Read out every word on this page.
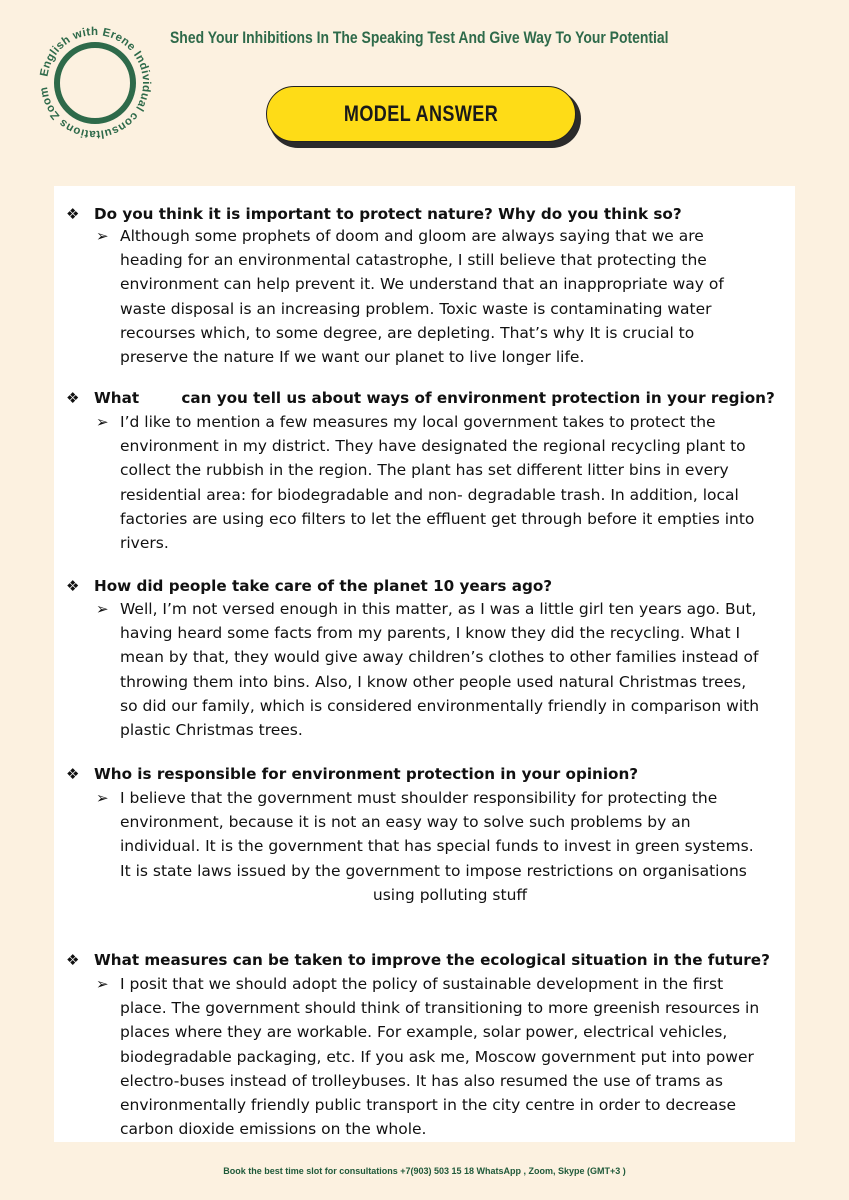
English with Erene Individual consultations Zoom
Shed Your Inhibitions In The Speaking Test And Give Way To Your Potential
MODEL ANSWER
❖ Do you think it is important to protect nature? Why do you think so?
➢ Although some prophets of doom and gloom are always saying that we are heading for an environmental catastrophe, I still believe that protecting the environment can help prevent it. We understand that an inappropriate way of waste disposal is an increasing problem. Toxic waste is contaminating water recourses which, to some degree, are depleting. That’s why It is crucial to preserve the nature If we want our planet to live longer life.
❖ What        can you tell us about ways of environment protection in your region?
➢ I’d like to mention a few measures my local government takes to protect the environment in my district. They have designated the regional recycling plant to collect the rubbish in the region. The plant has set different litter bins in every residential area: for biodegradable and non- degradable trash. In addition, local factories are using eco filters to let the effluent get through before it empties into rivers.
❖ How did people take care of the planet 10 years ago?
➢ Well, I’m not versed enough in this matter, as I was a little girl ten years ago. But, having heard some facts from my parents, I know they did the recycling. What I mean by that, they would give away children’s clothes to other families instead of throwing them into bins. Also, I know other people used natural Christmas trees, so did our family, which is considered environmentally friendly in comparison with plastic Christmas trees.
❖ Who is responsible for environment protection in your opinion?
➢ I believe that the government must shoulder responsibility for protecting the environment, because it is not an easy way to solve such problems by an individual. It is the government that has special funds to invest in green systems. It is state laws issued by the government to impose restrictions on organisations
using polluting stuff
❖ What measures can be taken to improve the ecological situation in the future?
➢ I posit that we should adopt the policy of sustainable development in the first place. The government should think of transitioning to more greenish resources in places where they are workable. For example, solar power, electrical vehicles, biodegradable packaging, etc. If you ask me, Moscow government put into power electro-buses instead of trolleybuses. It has also resumed the use of trams as environmentally friendly public transport in the city centre in order to decrease carbon dioxide emissions on the whole.
Book the best time slot for consultations +7(903) 503 15 18 WhatsApp , Zoom, Skype (GMT+3 )
